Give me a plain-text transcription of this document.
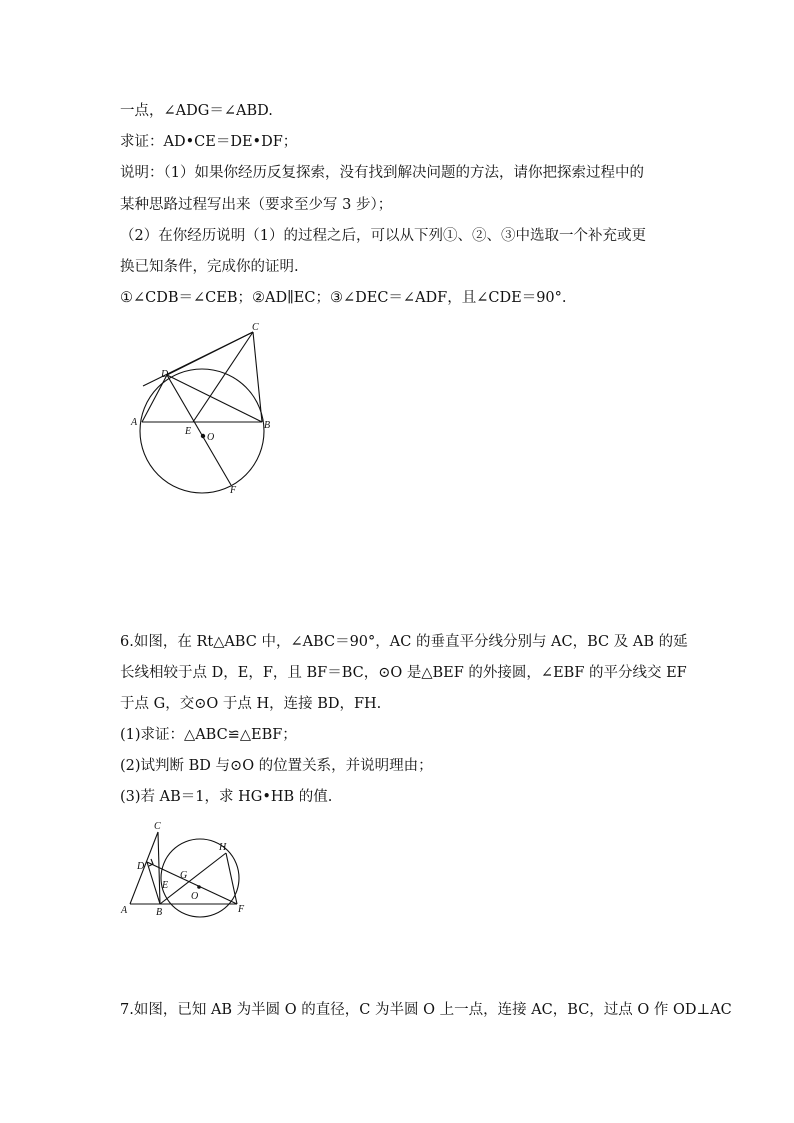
一点，∠ADG＝∠ABD.
求证：AD•CE＝DE•DF；
说明：（1）如果你经历反复探索，没有找到解决问题的方法，请你把探索过程中的
某种思路过程写出来（要求至少写 3 步）；
（2）在你经历说明（1）的过程之后，可以从下列①、②、③中选取一个补充或更
换已知条件，完成你的证明.
①∠CDB＝∠CEB；②AD∥EC；③∠DEC＝∠ADF，且∠CDE＝90°.
C
D
A
E
O
B
F
6.如图，在 Rt△ABC 中，∠ABC＝90°，AC 的垂直平分线分别与 AC，BC 及 AB 的延
长线相较于点 D，E，F，且 BF＝BC，⊙O 是△BEF 的外接圆，∠EBF 的平分线交 EF
于点 G，交⊙O 于点 H，连接 BD，FH.
(1)求证：△ABC≌△EBF；
(2)试判断 BD 与⊙O 的位置关系，并说明理由；
(3)若 AB＝1，求 HG•HB 的值.
C
D
H
G
E
O
A	B	F
7.如图，已知 AB 为半圆 O 的直径，C 为半圆 O 上一点，连接 AC，BC，过点 O 作 OD⊥AC
